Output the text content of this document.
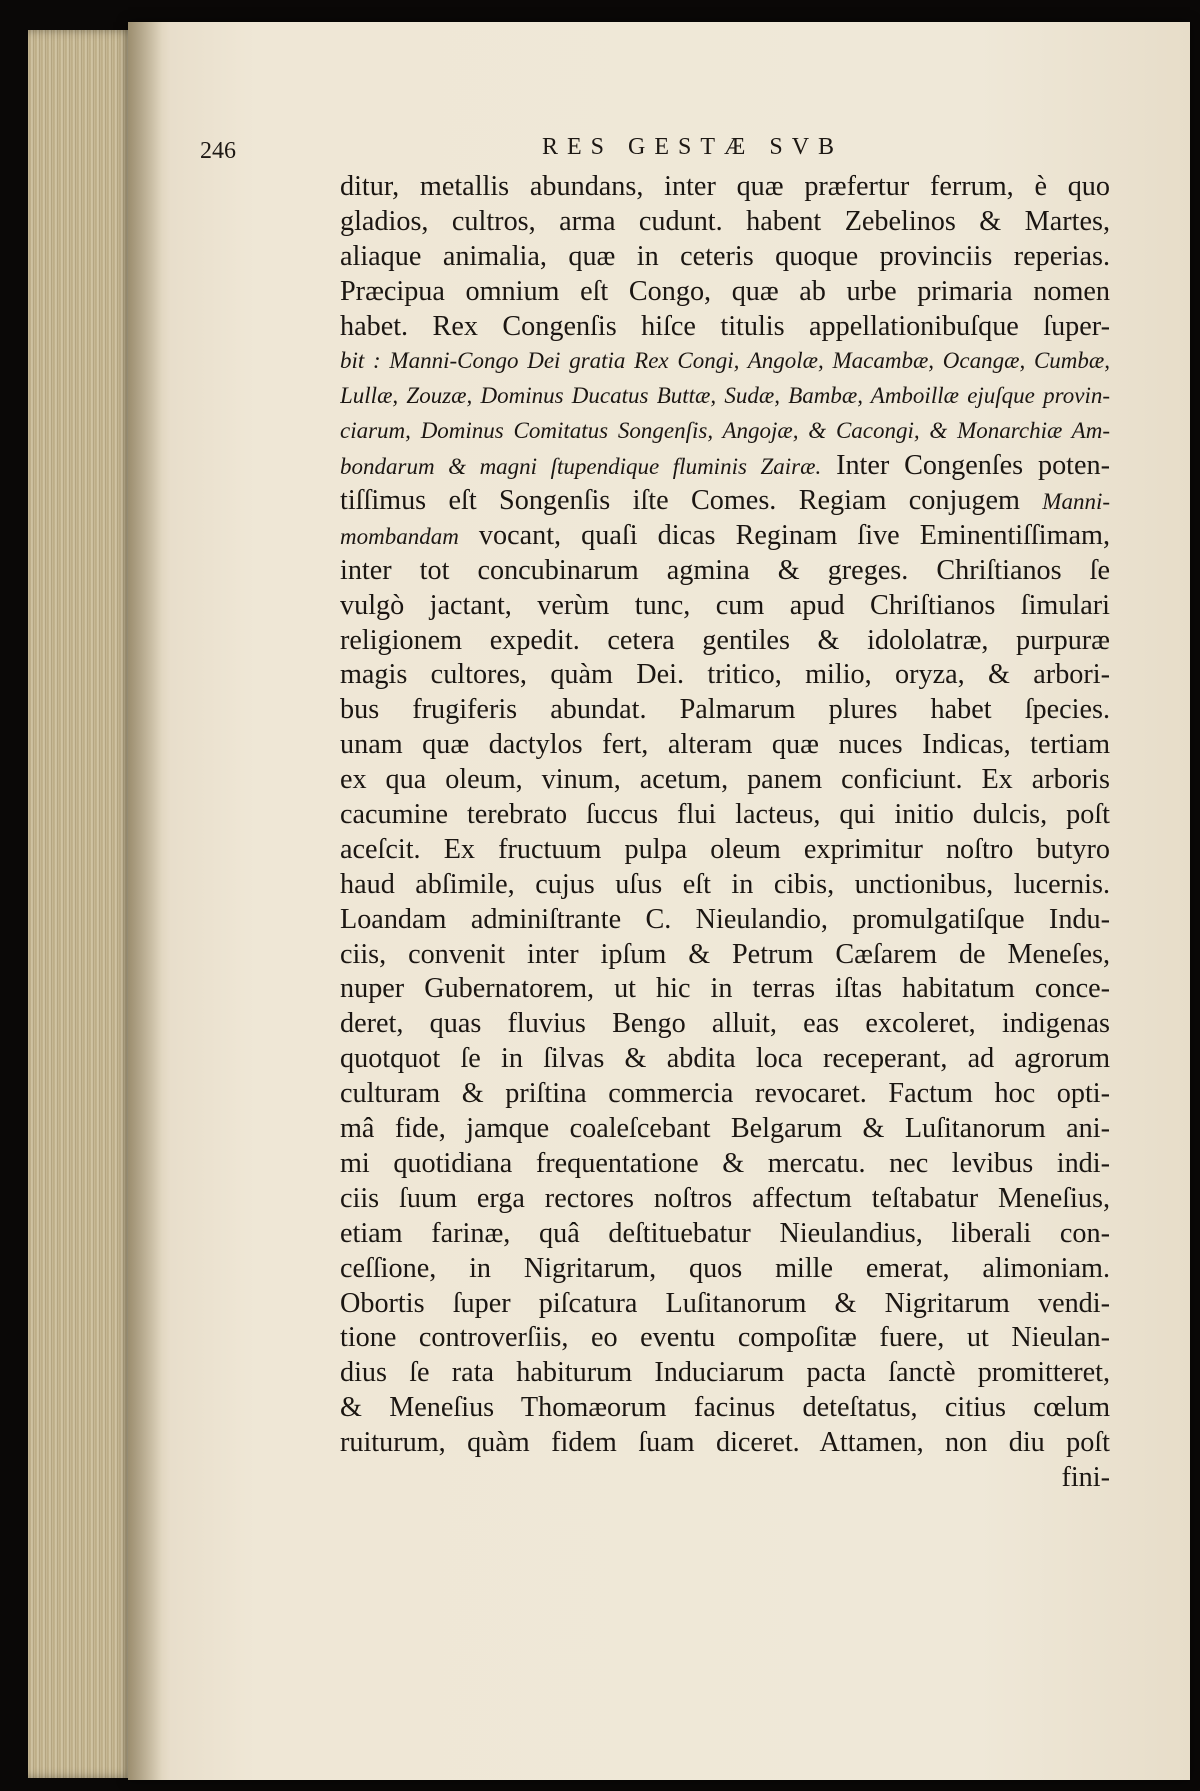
246	RES GESTÆ SVB
ditur, metallis abundans, inter quæ præfertur ferrum, è quo
gladios, cultros, arma cudunt. habent Zebelinos & Martes,
aliaque animalia, quæ in ceteris quoque provinciis reperias.
Præcipua omnium eſt Congo, quæ ab urbe primaria nomen
habet. Rex Congenſis hiſce titulis appellationibuſque ſuper-
bit : Manni-Congo Dei gratia Rex Congi, Angolæ, Macambæ, Ocangæ, Cumbæ,
Lullæ, Zouzæ, Dominus Ducatus Buttæ, Sudæ, Bambæ, Amboillæ ejuſque provin-
ciarum, Dominus Comitatus Songenſis, Angojæ, & Cacongi, & Monarchiæ Am-
bondarum & magni ſtupendique fluminis Zairæ. Inter Congenſes poten-
tiſſimus eſt Songenſis iſte Comes. Regiam conjugem Manni-
mombandam vocant, quaſi dicas Reginam ſive Eminentiſſimam,
inter tot concubinarum agmina & greges. Chriſtianos ſe
vulgò jactant, verùm tunc, cum apud Chriſtianos ſimulari
religionem expedit. cetera gentiles & idololatræ, purpuræ
magis cultores, quàm Dei. tritico, milio, oryza, & arbori-
bus frugiferis abundat. Palmarum plures habet ſpecies.
unam quæ dactylos fert, alteram quæ nuces Indicas, tertiam
ex qua oleum, vinum, acetum, panem conficiunt. Ex arboris
cacumine terebrato ſuccus flui lacteus, qui initio dulcis, poſt
aceſcit. Ex fructuum pulpa oleum exprimitur noſtro butyro
haud abſimile, cujus uſus eſt in cibis, unctionibus, lucernis.
Loandam adminiſtrante C. Nieulandio, promulgatiſque Indu-
ciis, convenit inter ipſum & Petrum Cæſarem de Meneſes,
nuper Gubernatorem, ut hic in terras iſtas habitatum conce-
deret, quas fluvius Bengo alluit, eas excoleret, indigenas
quotquot ſe in ſilvas & abdita loca receperant, ad agrorum
culturam & priſtina commercia revocaret. Factum hoc opti-
mâ fide, jamque coaleſcebant Belgarum & Luſitanorum ani-
mi quotidiana frequentatione & mercatu. nec levibus indi-
ciis ſuum erga rectores noſtros affectum teſtabatur Meneſius,
etiam farinæ, quâ deſtituebatur Nieulandius, liberali con-
ceſſione, in Nigritarum, quos mille emerat, alimoniam.
Obortis ſuper piſcatura Luſitanorum & Nigritarum vendi-
tione controverſiis, eo eventu compoſitæ fuere, ut Nieulan-
dius ſe rata habiturum Induciarum pacta ſanctè promitteret,
& Meneſius Thomæorum facinus deteſtatus, citius cœlum
ruiturum, quàm fidem ſuam diceret. Attamen, non diu poſt
fini-
